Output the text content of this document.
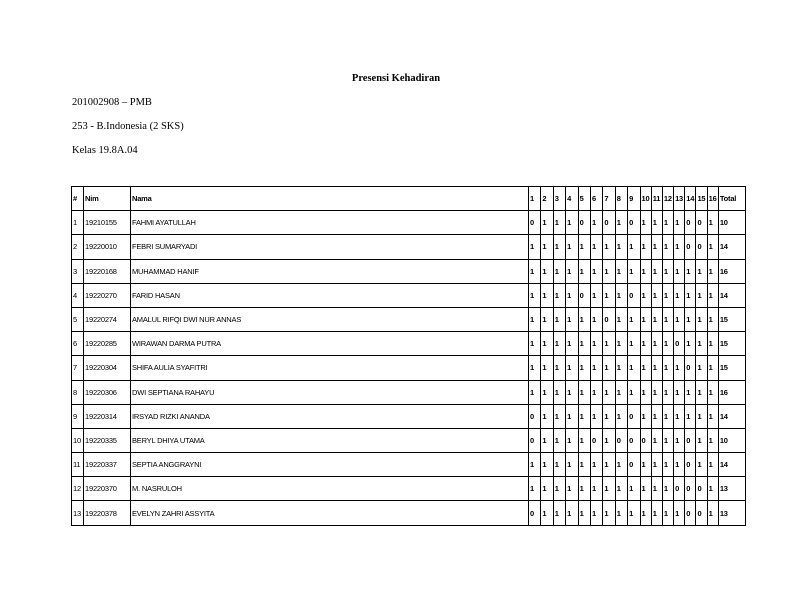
Presensi Kehadiran
201002908 – PMB
253 - B.Indonesia (2 SKS)
Kelas 19.8A.04
#	Nim	Nama	1	2	3	4	5	6	7	8	9	10	11	12	13	14	15	16	Total
1	19210155	FAHMI AYATULLAH	0	1	1	1	0	1	0	1	0	1	1	1	1	0	0	1	10
2	19220010	FEBRI SUMARYADI	1	1	1	1	1	1	1	1	1	1	1	1	1	0	0	1	14
3	19220168	MUHAMMAD HANIF	1	1	1	1	1	1	1	1	1	1	1	1	1	1	1	1	16
4	19220270	FARID HASAN	1	1	1	1	0	1	1	1	0	1	1	1	1	1	1	1	14
5	19220274	AMALUL RIFQI DWI NUR ANNAS	1	1	1	1	1	1	0	1	1	1	1	1	1	1	1	1	15
6	19220285	WIRAWAN DARMA PUTRA	1	1	1	1	1	1	1	1	1	1	1	1	0	1	1	1	15
7	19220304	SHIFA AULIA SYAFITRI	1	1	1	1	1	1	1	1	1	1	1	1	1	0	1	1	15
8	19220306	DWI SEPTIANA RAHAYU	1	1	1	1	1	1	1	1	1	1	1	1	1	1	1	1	16
9	19220314	IRSYAD RIZKI ANANDA	0	1	1	1	1	1	1	1	0	1	1	1	1	1	1	1	14
10	19220335	BERYL DHIYA UTAMA	0	1	1	1	1	0	1	0	0	0	1	1	1	0	1	1	10
11	19220337	SEPTIA ANGGRAYNI	1	1	1	1	1	1	1	1	0	1	1	1	1	0	1	1	14
12	19220370	M. NASRULOH	1	1	1	1	1	1	1	1	1	1	1	1	0	0	0	1	13
13	19220378	EVELYN ZAHRI ASSYITA	0	1	1	1	1	1	1	1	1	1	1	1	1	0	0	1	13
